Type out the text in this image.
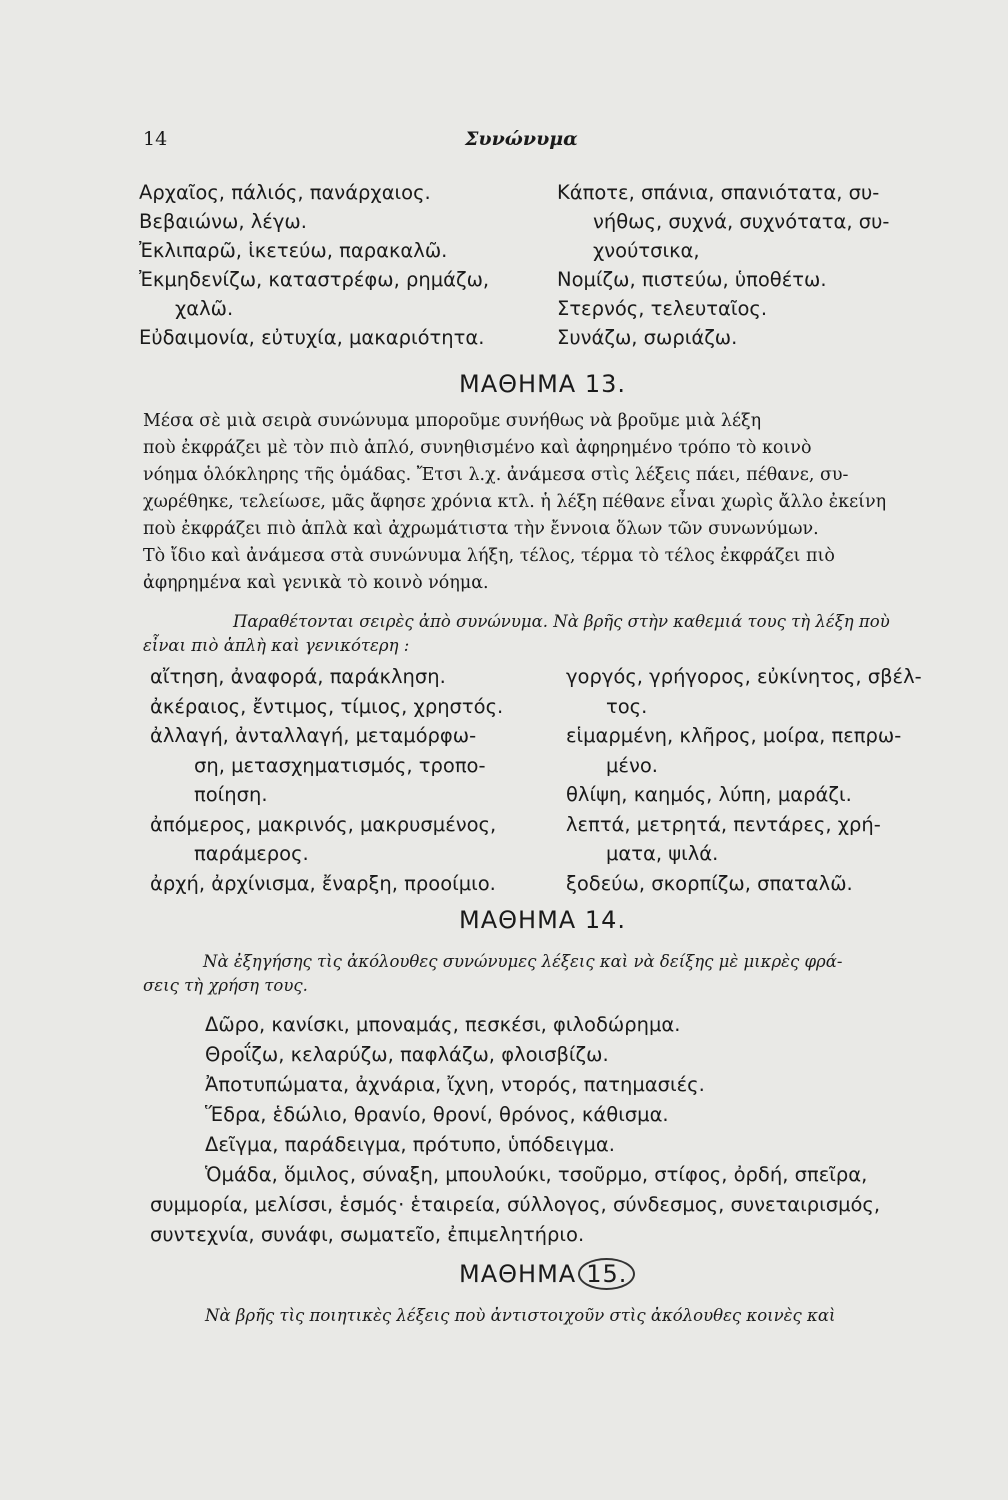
14	Συνώνυμα

Αρχαῖος, πάλιός, πανάρχαιος.

Βεβαιώνω, λέγω.

Ἐκλιπαρῶ, ἱκετεύω, παρακαλῶ.

Ἐκμηδενίζω, καταστρέφω, ρημάζω,

χαλῶ.

Εὐδαιμονία, εὐτυχία, μακαριότητα.

Κάποτε, σπάνια, σπανιότατα, συ-

νήθως, συχνά, συχνότατα, συ-

χνούτσικα,

Νομίζω, πιστεύω, ὑποθέτω.

Στερνός, τελευταῖος.

Συνάζω, σωριάζω.

ΜΑΘΗΜΑ 13.

Μέσα σὲ μιὰ σειρὰ συνώνυμα μποροῦμε συνήθως νὰ βροῦμε μιὰ λέξη

ποὺ ἐκφράζει μὲ τὸν πιὸ ἁπλό, συνηθισμένο καὶ ἀφηρημένο τρόπο τὸ κοινὸ

νόημα ὁλόκληρης τῆς ὁμάδας. Ἔτσι λ.χ. ἀνάμεσα στὶς λέξεις πάει, πέθανε, συ-

χωρέθηκε, τελείωσε, μᾶς ἄφησε χρόνια κτλ. ἡ λέξη πέθανε εἶναι χωρὶς ἄλλο ἐκείνη

ποὺ ἐκφράζει πιὸ ἁπλὰ καὶ ἀχρωμάτιστα τὴν ἔννοια ὅλων τῶν συνωνύμων.

Τὸ ἴδιο καὶ ἀνάμεσα στὰ συνώνυμα λήξη, τέλος, τέρμα τὸ τέλος ἐκφράζει πιὸ

ἀφηρημένα καὶ γενικὰ τὸ κοινὸ νόημα.

Παραθέτονται σειρὲς ἀπὸ συνώνυμα. Νὰ βρῆς στὴν καθεμιά τους τὴ λέξη ποὺ

εἶναι πιὸ ἁπλὴ καὶ γενικότερη :

αἴτηση, ἀναφορά, παράκληση.

ἀκέραιος, ἔντιμος, τίμιος, χρηστός.

ἀλλαγή, ἀνταλλαγή, μεταμόρφω-

ση, μετασχηματισμός, τροπο-

ποίηση.

ἀπόμερος, μακρινός, μακρυσμένος,

παράμερος.

ἀρχή, ἀρχίνισμα, ἔναρξη, προοίμιο.

γοργός, γρήγορος, εὐκίνητος, σβέλ-

τος.

εἱμαρμένη, κλῆρος, μοίρα, πεπρω-

μένο.

θλίψη, καημός, λύπη, μαράζι.

λεπτά, μετρητά, πεντάρες, χρή-

ματα, ψιλά.

ξοδεύω, σκορπίζω, σπαταλῶ.

ΜΑΘΗΜΑ 14.

Νὰ ἐξηγήσης τὶς ἀκόλουθες συνώνυμες λέξεις καὶ νὰ δείξης μὲ μικρὲς φρά-

σεις τὴ χρήση τους.

Δῶρο, κανίσκι, μποναμάς, πεσκέσι, φιλοδώρημα.

Θροΐζω, κελαρύζω, παφλάζω, φλοισβίζω.

Ἀποτυπώματα, ἀχνάρια, ἴχνη, ντορός, πατημασιές.

Ἕδρα, ἑδώλιο, θρανίο, θρονί, θρόνος, κάθισμα.

Δεῖγμα, παράδειγμα, πρότυπο, ὑπόδειγμα.

Ὁμάδα, ὅμιλος, σύναξη, μπουλούκι, τσοῦρμο, στίφος, ὀρδή, σπεῖρα,

συμμορία, μελίσσι, ἑσμός· ἑταιρεία, σύλλογος, σύνδεσμος, συνεταιρισμός,

συντεχνία, συνάφι, σωματεῖο, ἐπιμελητήριο.

ΜΑΘΗΜΑ 15.

Νὰ βρῆς τὶς ποιητικὲς λέξεις ποὺ ἀντιστοιχοῦν στὶς ἀκόλουθες κοινὲς καὶ
